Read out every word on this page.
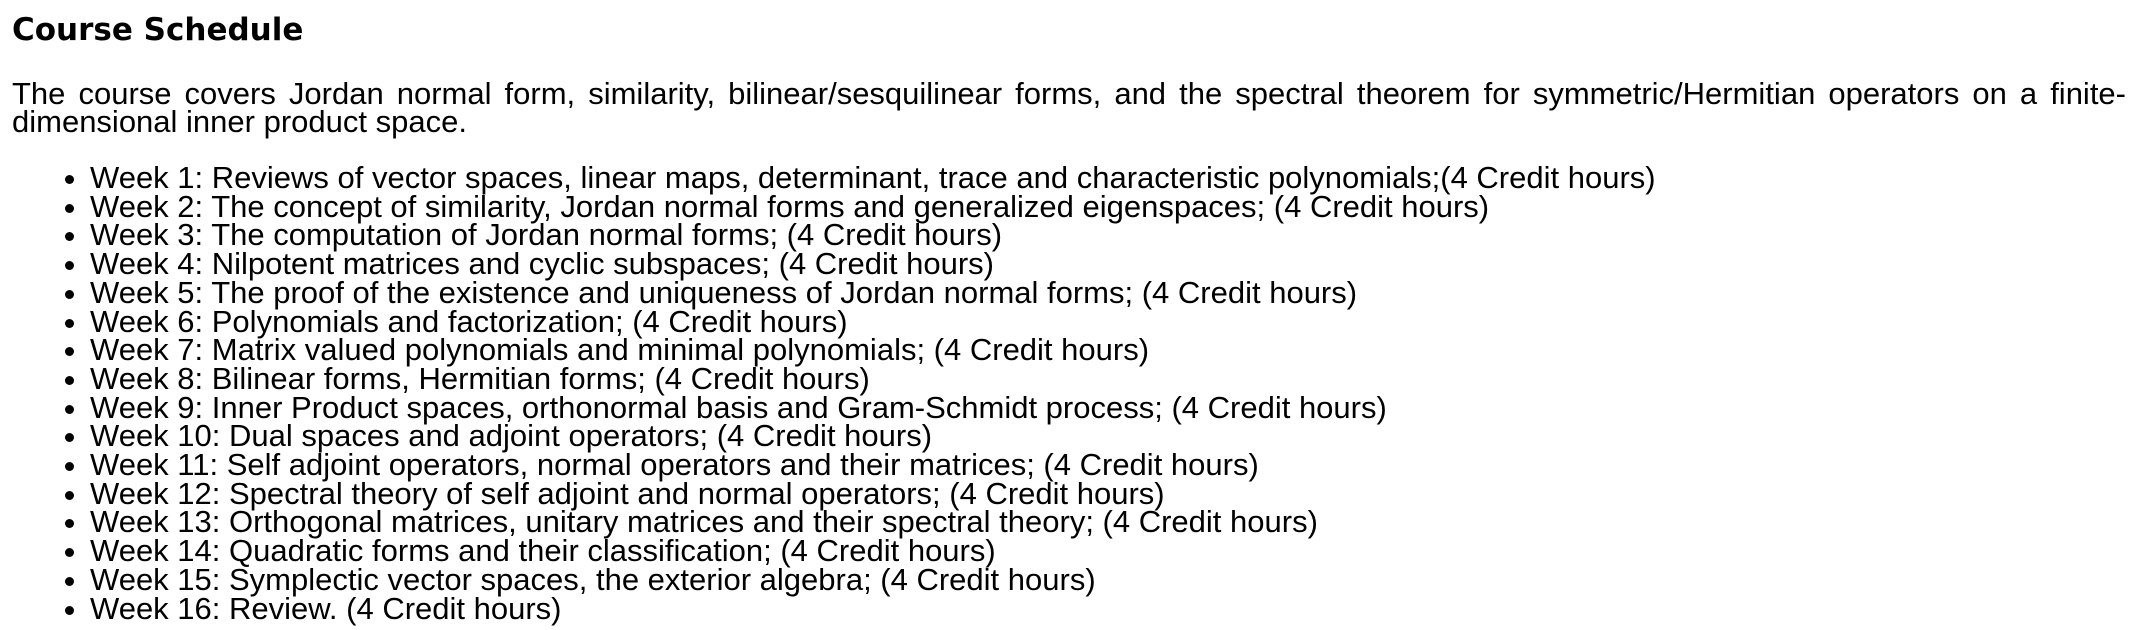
Course Schedule

The course covers Jordan normal form, similarity, bilinear/sesquilinear forms, and the spectral theorem for symmetric/Hermitian operators on a finite-dimensional inner product space.

• Week 1: Reviews of vector spaces, linear maps, determinant, trace and characteristic polynomials;(4 Credit hours)
• Week 2: The concept of similarity, Jordan normal forms and generalized eigenspaces; (4 Credit hours)
• Week 3: The computation of Jordan normal forms; (4 Credit hours)
• Week 4: Nilpotent matrices and cyclic subspaces; (4 Credit hours)
• Week 5: The proof of the existence and uniqueness of Jordan normal forms; (4 Credit hours)
• Week 6: Polynomials and factorization; (4 Credit hours)
• Week 7: Matrix valued polynomials and minimal polynomials; (4 Credit hours)
• Week 8: Bilinear forms, Hermitian forms; (4 Credit hours)
• Week 9: Inner Product spaces, orthonormal basis and Gram-Schmidt process; (4 Credit hours)
• Week 10: Dual spaces and adjoint operators; (4 Credit hours)
• Week 11: Self adjoint operators, normal operators and their matrices; (4 Credit hours)
• Week 12: Spectral theory of self adjoint and normal operators; (4 Credit hours)
• Week 13: Orthogonal matrices, unitary matrices and their spectral theory; (4 Credit hours)
• Week 14: Quadratic forms and their classification; (4 Credit hours)
• Week 15: Symplectic vector spaces, the exterior algebra; (4 Credit hours)
• Week 16: Review. (4 Credit hours)
